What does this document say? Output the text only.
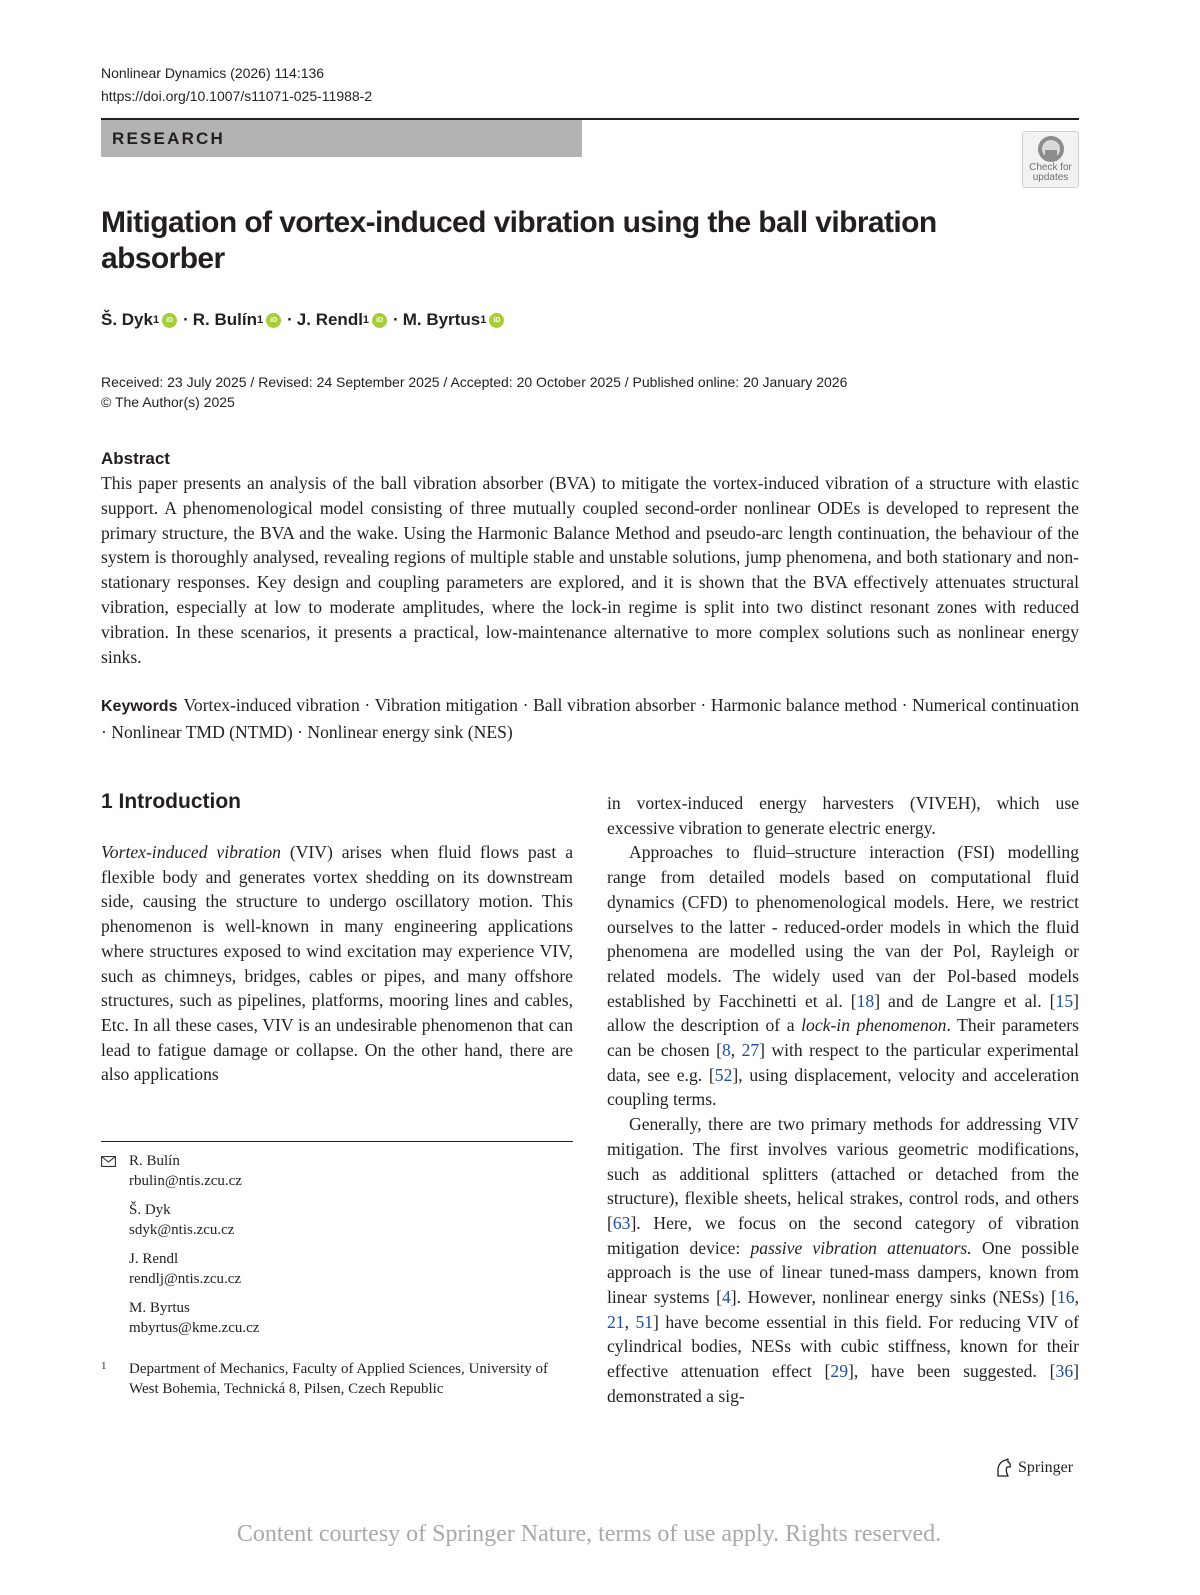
Nonlinear Dynamics (2026) 114:136
https://doi.org/10.1007/s11071-025-11988-2
RESEARCH
Check for
updates
Mitigation of vortex-induced vibration using the ball vibration absorber
Š. Dyk 1	iD · R. Bulín 1	iD · J. Rendl 1	iD · M. Byrtus 1	iD
Received: 23 July 2025 / Revised: 24 September 2025 / Accepted: 20 October 2025 / Published online: 20 January 2026
© The Author(s) 2025
Abstract
This paper presents an analysis of the ball vibration absorber (BVA) to mitigate the vortex-induced vibration of a structure with elastic support. A phenomenological model consisting of three mutually coupled second-order nonlinear ODEs is developed to represent the primary structure, the BVA and the wake. Using the Harmonic Balance Method and pseudo-arc length continuation, the behaviour of the system is thoroughly analysed, revealing regions of multiple stable and unstable solutions, jump phenomena, and both stationary and non-stationary responses. Key design and coupling parameters are explored, and it is shown that the BVA effectively attenuates structural vibration, especially at low to moderate amplitudes, where the lock-in regime is split into two distinct resonant zones with reduced vibration. In these scenarios, it presents a practical, low-maintenance alternative to more complex solutions such as nonlinear energy sinks.
Keywords Vortex-induced vibration · Vibration mitigation · Ball vibration absorber · Harmonic balance method · Numerical continuation · Nonlinear TMD (NTMD) · Nonlinear energy sink (NES)
1 Introduction

Vortex-induced vibration (VIV) arises when fluid flows past a flexible body and generates vortex shedding on its downstream side, causing the structure to undergo oscillatory motion. This phenomenon is well-known in many engineering applications where structures exposed to wind excitation may experience VIV, such as chimneys, bridges, cables or pipes, and many offshore structures, such as pipelines, platforms, mooring lines and cables, Etc. In all these cases, VIV is an undesirable phenomenon that can lead to fatigue damage or collapse. On the other hand, there are also applications

in vortex-induced energy harvesters (VIVEH), which use excessive vibration to generate electric energy.

Approaches to fluid–structure interaction (FSI) modelling range from detailed models based on computational fluid dynamics (CFD) to phenomenological models. Here, we restrict ourselves to the latter - reduced-order models in which the fluid phenomena are modelled using the van der Pol, Rayleigh or related models. The widely used van der Pol-based models established by Facchinetti et al. [18] and de Langre et al. [15] allow the description of a lock-in phenomenon. Their parameters can be chosen [8, 27] with respect to the particular experimental data, see e.g. [52], using displacement, velocity and acceleration coupling terms.

Generally, there are two primary methods for addressing VIV mitigation. The first involves various geometric modifications, such as additional splitters (attached or detached from the structure), flexible sheets, helical strakes, control rods, and others [63]. Here, we focus on the second category of vibration mitigation device: passive vibration attenuators. One possible approach is the use of linear tuned-mass dampers, known from linear systems [4]. However, nonlinear energy sinks (NESs) [16, 21, 51] have become essential in this field. For reducing VIV of cylindrical bodies, NESs with cubic stiffness, known for their effective attenuation effect [29], have been suggested. [36] demonstrated a sig-

R. Bulín
rbulin@ntis.zcu.cz
Š. Dyk
sdyk@ntis.zcu.cz
J. Rendl
rendlj@ntis.zcu.cz
M. Byrtus
mbyrtus@kme.zcu.cz
1 Department of Mechanics, Faculty of Applied Sciences, University of West Bohemia, Technická 8, Pilsen, Czech Republic
Springer
Content courtesy of Springer Nature, terms of use apply. Rights reserved.
